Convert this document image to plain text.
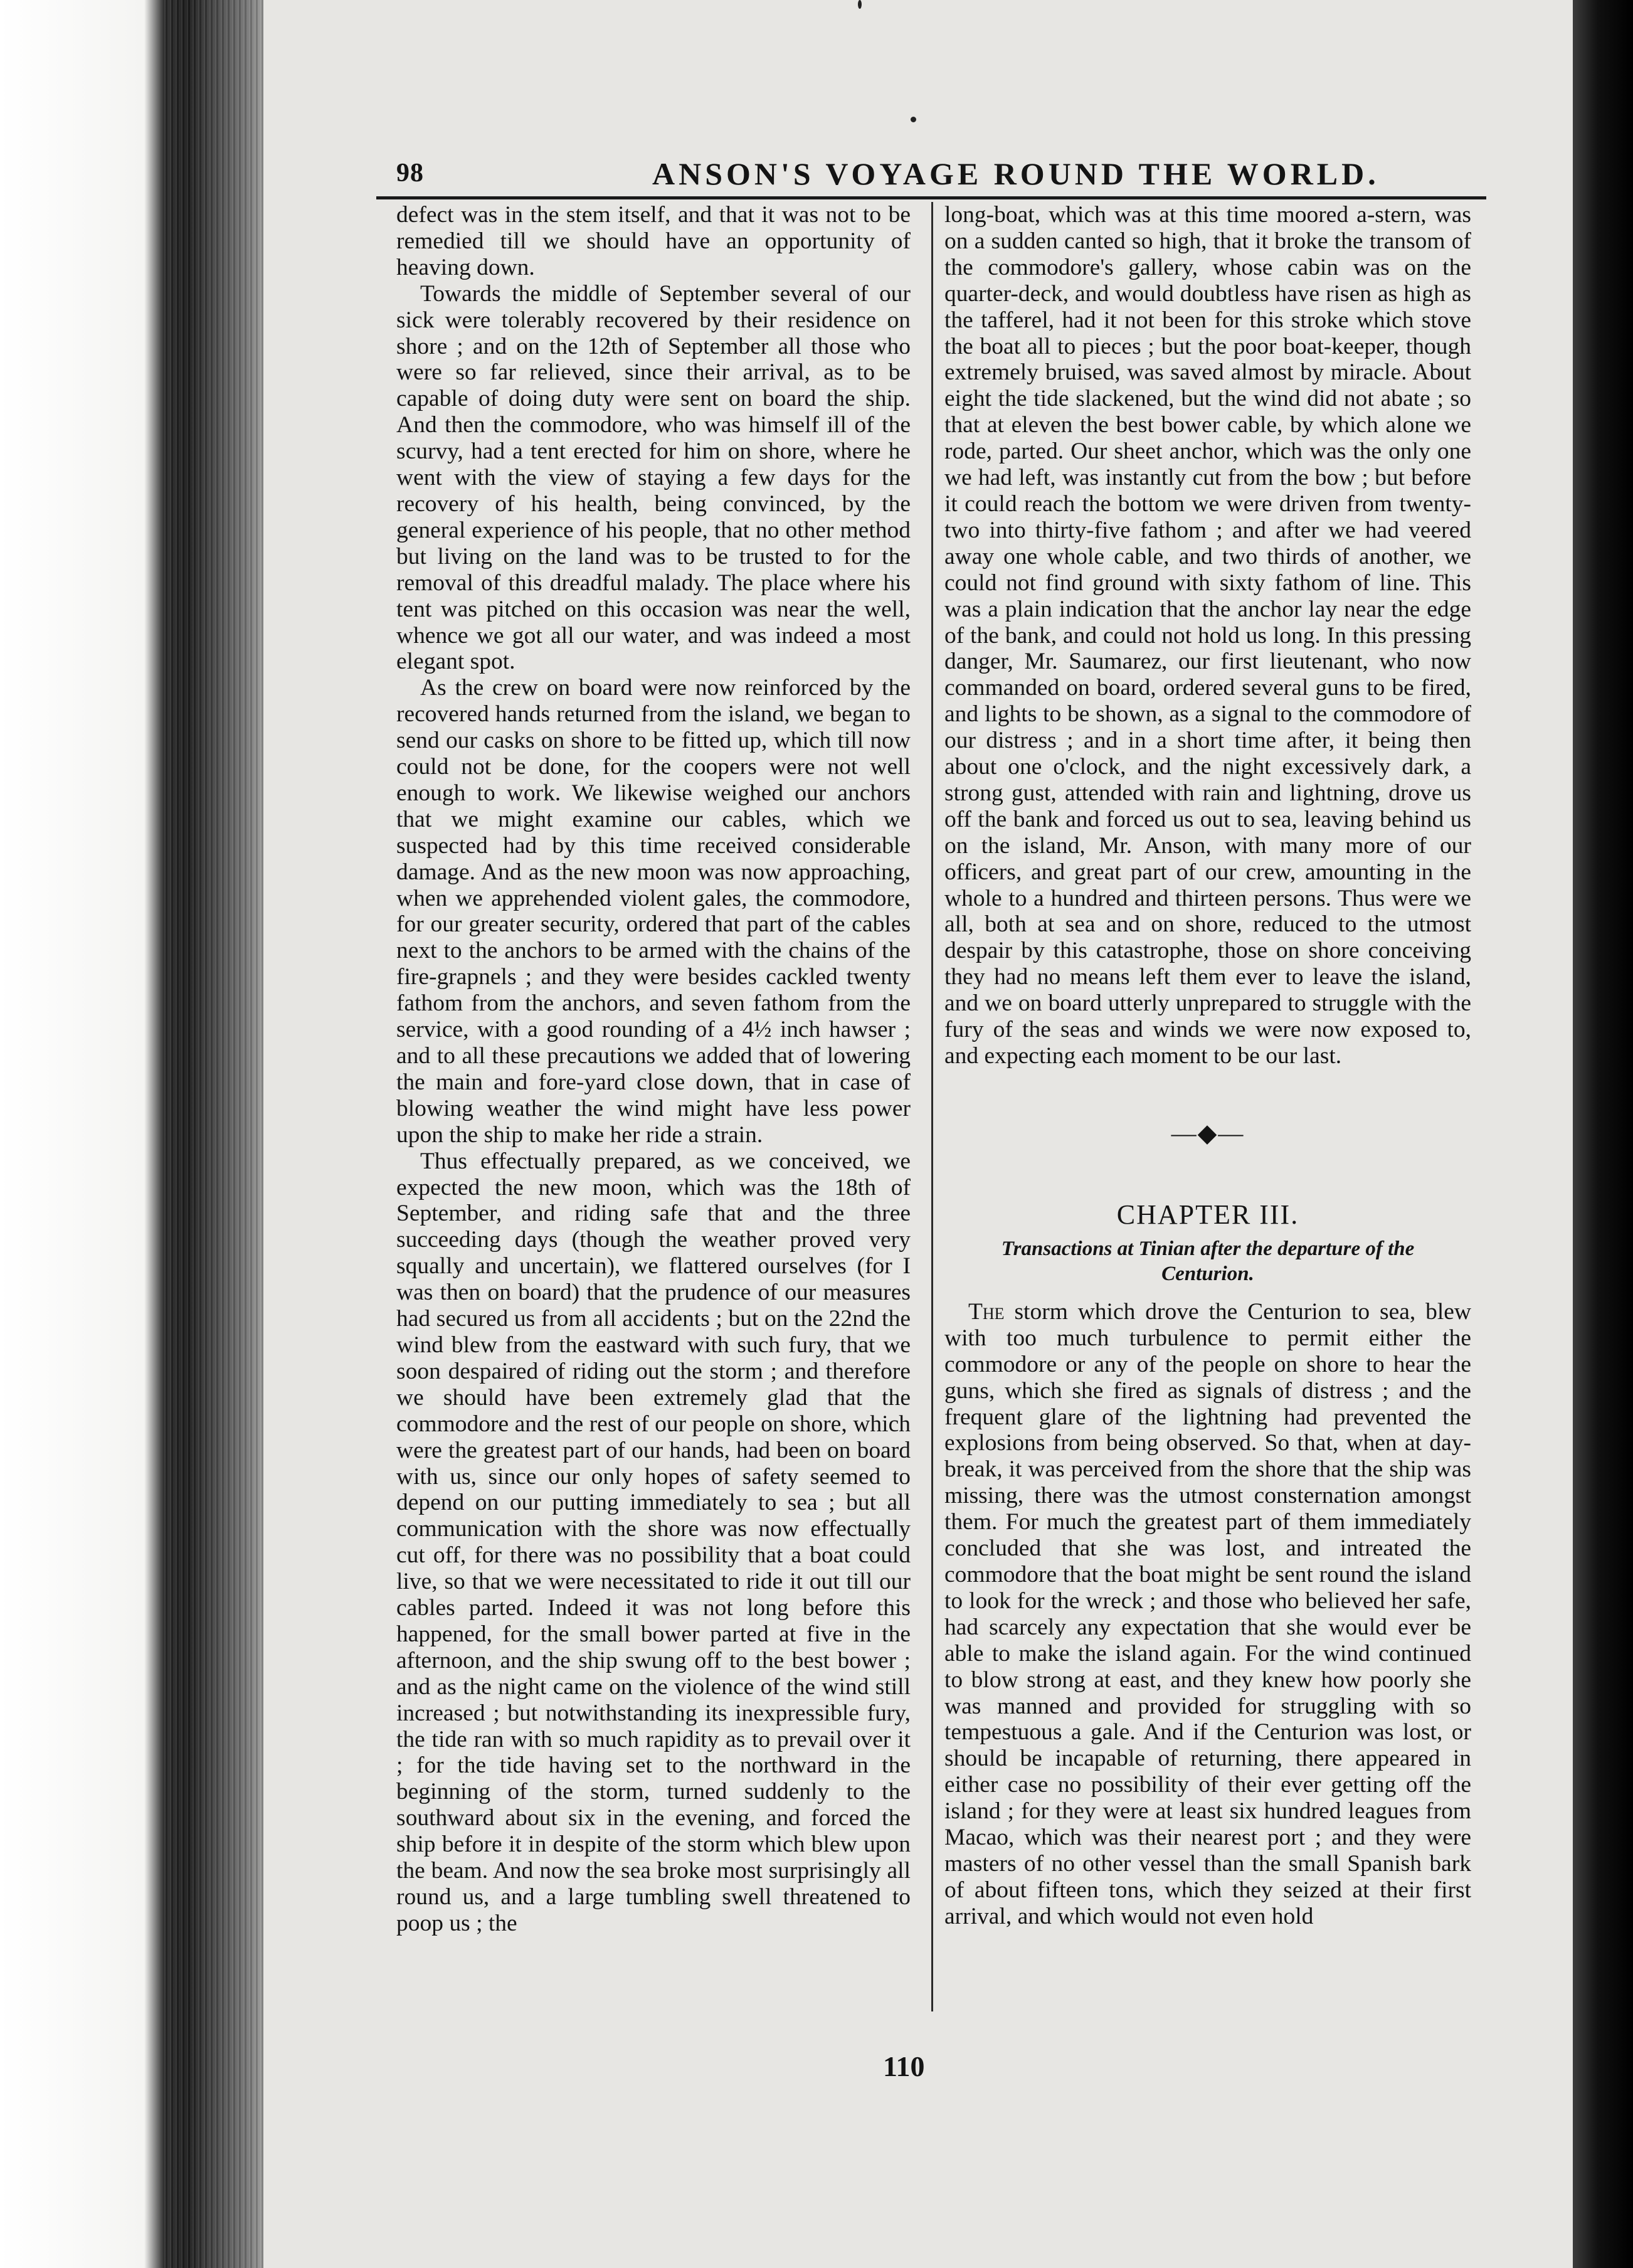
98	ANSON'S VOYAGE ROUND THE WORLD.

defect was in the stem itself, and that it was not to be remedied till we should have an opportunity of heaving down.

Towards the middle of September several of our sick were tolerably recovered by their residence on shore ; and on the 12th of September all those who were so far relieved, since their arrival, as to be capable of doing duty were sent on board the ship. And then the commodore, who was himself ill of the scurvy, had a tent erected for him on shore, where he went with the view of staying a few days for the recovery of his health, being convinced, by the general experience of his people, that no other method but living on the land was to be trusted to for the removal of this dreadful malady. The place where his tent was pitched on this occasion was near the well, whence we got all our water, and was indeed a most elegant spot.

As the crew on board were now reinforced by the recovered hands returned from the island, we began to send our casks on shore to be fitted up, which till now could not be done, for the coopers were not well enough to work. We likewise weighed our anchors that we might examine our cables, which we suspected had by this time received considerable damage. And as the new moon was now approaching, when we apprehended violent gales, the commodore, for our greater security, ordered that part of the cables next to the anchors to be armed with the chains of the fire-grapnels ; and they were besides cackled twenty fathom from the anchors, and seven fathom from the service, with a good rounding of a 4½ inch hawser ; and to all these precautions we added that of lowering the main and fore-yard close down, that in case of blowing weather the wind might have less power upon the ship to make her ride a strain.

Thus effectually prepared, as we conceived, we expected the new moon, which was the 18th of September, and riding safe that and the three succeeding days (though the weather proved very squally and uncertain), we flattered ourselves (for I was then on board) that the prudence of our measures had secured us from all accidents ; but on the 22nd the wind blew from the eastward with such fury, that we soon despaired of riding out the storm ; and therefore we should have been extremely glad that the commodore and the rest of our people on shore, which were the greatest part of our hands, had been on board with us, since our only hopes of safety seemed to depend on our putting immediately to sea ; but all communication with the shore was now effectually cut off, for there was no possibility that a boat could live, so that we were necessitated to ride it out till our cables parted. Indeed it was not long before this happened, for the small bower parted at five in the afternoon, and the ship swung off to the best bower ; and as the night came on the violence of the wind still increased ; but notwithstanding its inexpressible fury, the tide ran with so much rapidity as to prevail over it ; for the tide having set to the northward in the beginning of the storm, turned suddenly to the southward about six in the evening, and forced the ship before it in despite of the storm which blew upon the beam. And now the sea broke most surprisingly all round us, and a large tumbling swell threatened to poop us ; the

long-boat, which was at this time moored a-stern, was on a sudden canted so high, that it broke the transom of the commodore's gallery, whose cabin was on the quarter-deck, and would doubtless have risen as high as the tafferel, had it not been for this stroke which stove the boat all to pieces ; but the poor boat-keeper, though extremely bruised, was saved almost by miracle. About eight the tide slackened, but the wind did not abate ; so that at eleven the best bower cable, by which alone we rode, parted. Our sheet anchor, which was the only one we had left, was instantly cut from the bow ; but before it could reach the bottom we were driven from twenty-two into thirty-five fathom ; and after we had veered away one whole cable, and two thirds of another, we could not find ground with sixty fathom of line. This was a plain indication that the anchor lay near the edge of the bank, and could not hold us long. In this pressing danger, Mr. Saumarez, our first lieutenant, who now commanded on board, ordered several guns to be fired, and lights to be shown, as a signal to the commodore of our distress ; and in a short time after, it being then about one o'clock, and the night excessively dark, a strong gust, attended with rain and lightning, drove us off the bank and forced us out to sea, leaving behind us on the island, Mr. Anson, with many more of our officers, and great part of our crew, amounting in the whole to a hundred and thirteen persons. Thus were we all, both at sea and on shore, reduced to the utmost despair by this catastrophe, those on shore conceiving they had no means left them ever to leave the island, and we on board utterly unprepared to struggle with the fury of the seas and winds we were now exposed to, and expecting each moment to be our last.

—◆—
CHAPTER III.
Transactions at Tinian after the departure of the Centurion.

The storm which drove the Centurion to sea, blew with too much turbulence to permit either the commodore or any of the people on shore to hear the guns, which she fired as signals of distress ; and the frequent glare of the lightning had prevented the explosions from being observed. So that, when at day-break, it was perceived from the shore that the ship was missing, there was the utmost consternation amongst them. For much the greatest part of them immediately concluded that she was lost, and intreated the commodore that the boat might be sent round the island to look for the wreck ; and those who believed her safe, had scarcely any expectation that she would ever be able to make the island again. For the wind continued to blow strong at east, and they knew how poorly she was manned and provided for struggling with so tempestuous a gale. And if the Centurion was lost, or should be incapable of returning, there appeared in either case no possibility of their ever getting off the island ; for they were at least six hundred leagues from Macao, which was their nearest port ; and they were masters of no other vessel than the small Spanish bark of about fifteen tons, which they seized at their first arrival, and which would not even hold

110
